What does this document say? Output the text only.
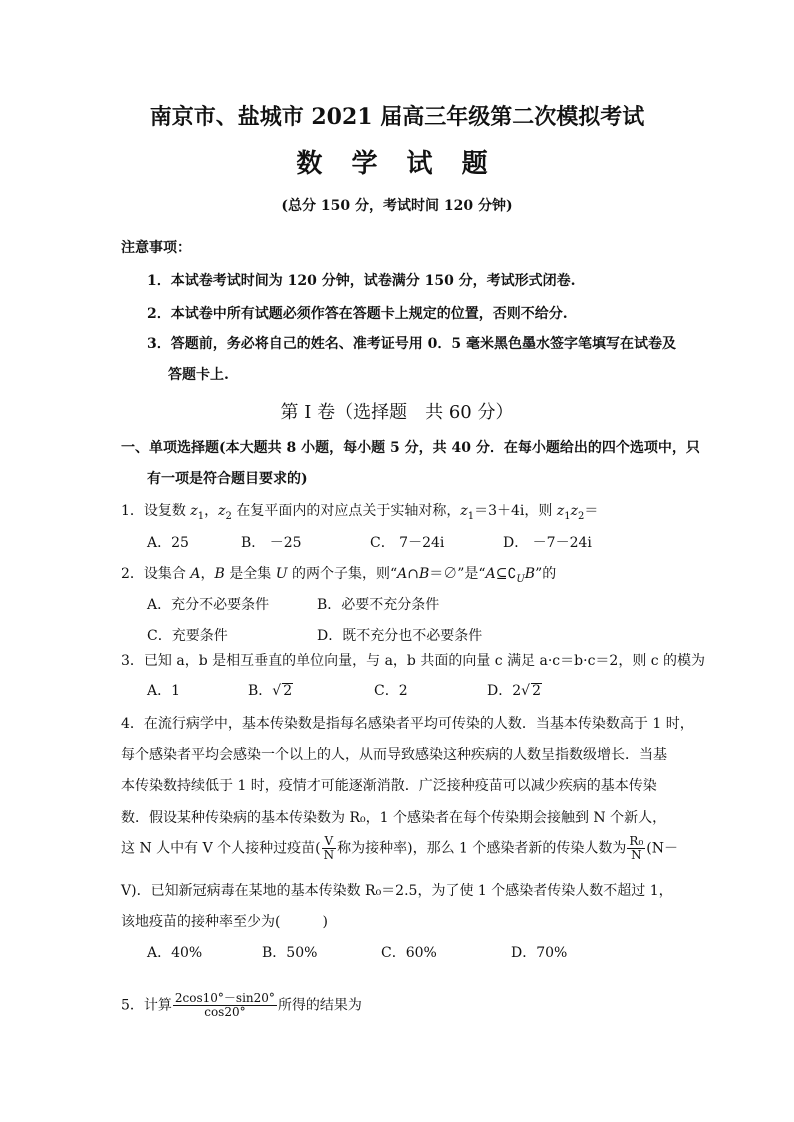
南京市、盐城市 2021 届高三年级第二次模拟考试
数 学 试 题
(总分 150 分，考试时间 120 分钟)
注意事项：
1．本试卷考试时间为 120 分钟，试卷满分 150 分，考试形式闭卷.
2．本试卷中所有试题必须作答在答题卡上规定的位置，否则不给分.
3．答题前，务必将自己的姓名、准考证号用 0．5 毫米黑色墨水签字笔填写在试卷及
答题卡上.
第 I 卷（选择题　共 60 分）
一、单项选择题(本大题共 8 小题，每小题 5 分，共 40 分．在每小题给出的四个选项中，只
有一项是符合题目要求的)
1．设复数 $z_1$，$z_2$ 在复平面内的对应点关于实轴对称，$z_1=3+4i$，则 $z_1z_2=$
A．25	B． －25	C． 7－24i	D． －7－24i
2．设集合 A，B 是全集 U 的两个子集，则“A∩B＝∅”是“$A⊆∁_UB$”的
A．充分不必要条件	B．必要不充分条件
C．充要条件	D．既不充分也不必要条件
3．已知 a，b 是相互垂直的单位向量，与 a，b 共面的向量 c 满足 a·c＝b·c＝2，则 c 的模为
A．1	B．√ 2	C．2	D．2√ 2
4．在流行病学中，基本传染数是指每名感染者平均可传染的人数．当基本传染数高于 1 时，
每个感染者平均会感染一个以上的人，从而导致感染这种疾病的人数呈指数级增长．当基
本传染数持续低于 1 时，疫情才可能逐渐消散．广泛接种疫苗可以减少疾病的基本传染
数．假设某种传染病的基本传染数为 R₀，1 个感染者在每个传染期会接触到 N 个新人，
这 N 人中有 V 个人接种过疫苗( $\frac{V}{N}$ 称为接种率)，那么 1 个感染者新的传染人数为 $\frac{\text{R₀}}{N} (N-$
V)．已知新冠病毒在某地的基本传染数 R₀＝2.5，为了使 1 个感染者传染人数不超过 1，
该地疫苗的接种率至少为(　　　)
A．40%	B．50%	C．60%	D．70%
5．计算 $\frac{2\cos 10^\circ-\sin 20^\circ}{\cos 20^\circ}$ 所得的结果为
